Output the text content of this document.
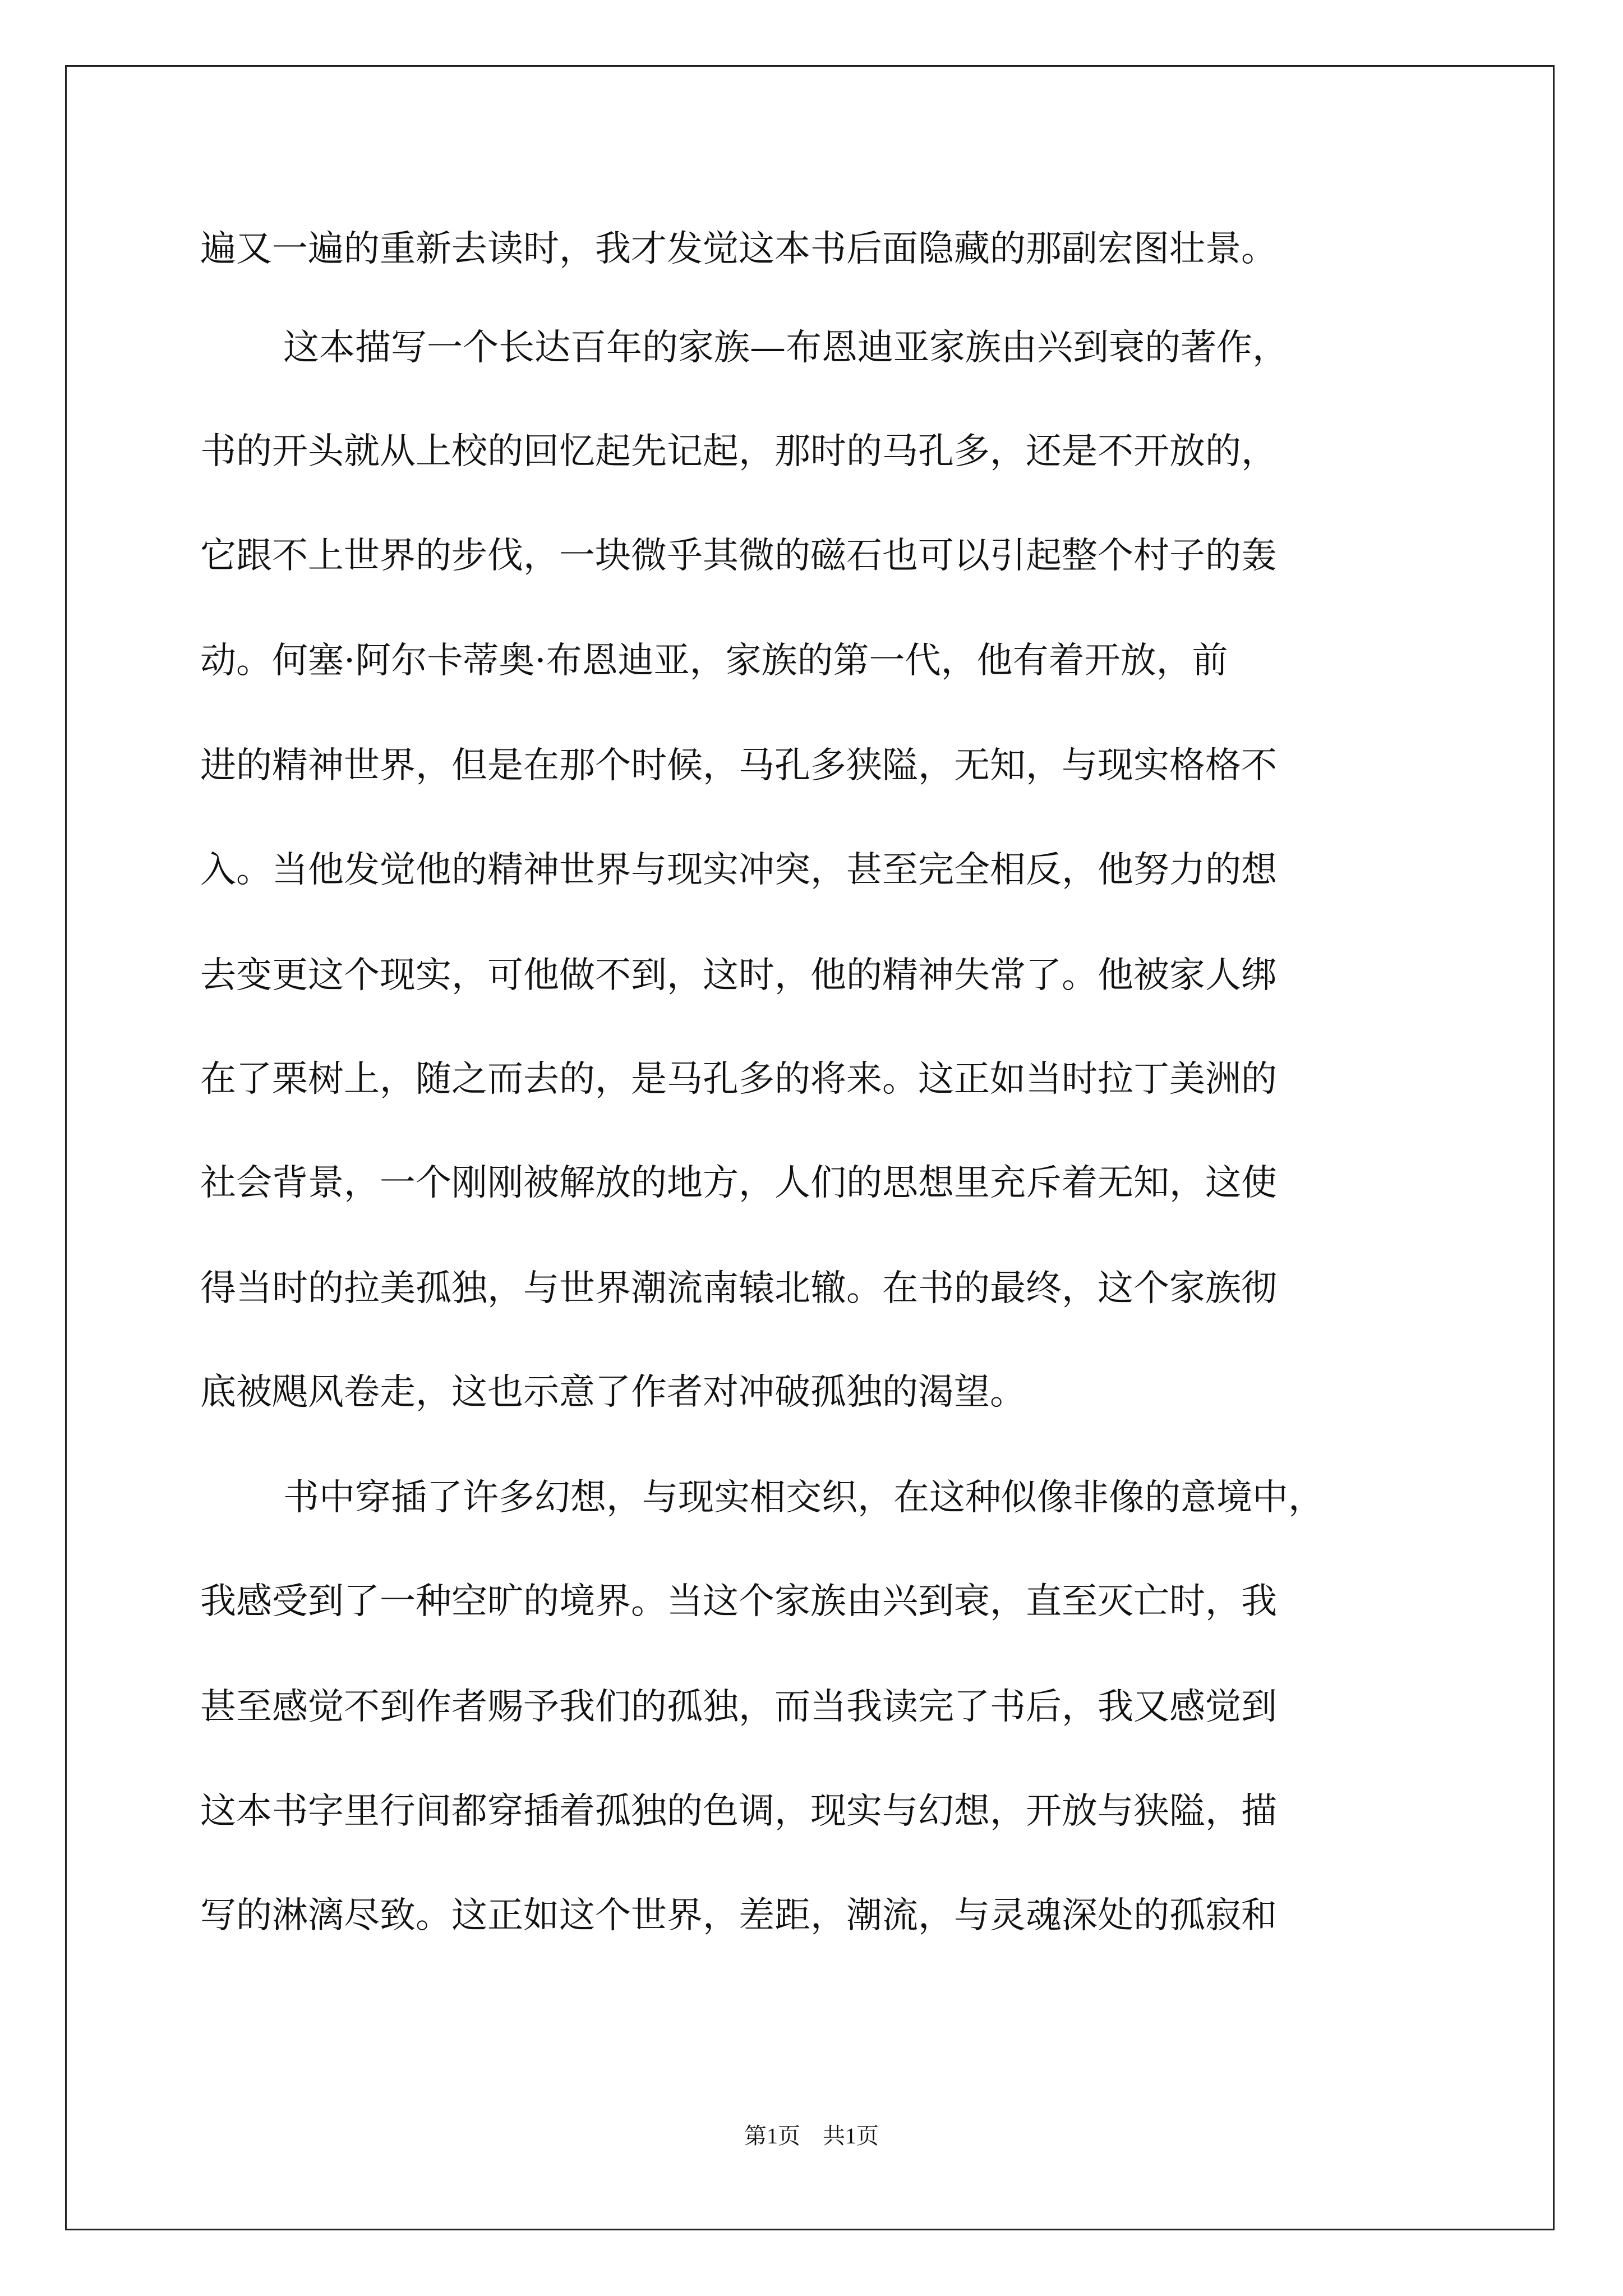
遍又一遍的重新去读时，我才发觉这本书后面隐藏的那副宏图壮景。
这本描写一个长达百年的家族—布恩迪亚家族由兴到衰的著作，
书的开头就从上校的回忆起先记起，那时的马孔多，还是不开放的，
它跟不上世界的步伐，一块微乎其微的磁石也可以引起整个村子的轰
动。何塞·阿尔卡蒂奥·布恩迪亚，家族的第一代，他有着开放，前
进的精神世界，但是在那个时候，马孔多狭隘，无知，与现实格格不
入。当他发觉他的精神世界与现实冲突，甚至完全相反，他努力的想
去变更这个现实，可他做不到，这时，他的精神失常了。他被家人绑
在了栗树上，随之而去的，是马孔多的将来。这正如当时拉丁美洲的
社会背景，一个刚刚被解放的地方，人们的思想里充斥着无知，这使
得当时的拉美孤独，与世界潮流南辕北辙。在书的最终，这个家族彻
底被飓风卷走，这也示意了作者对冲破孤独的渴望。
书中穿插了许多幻想，与现实相交织，在这种似像非像的意境中，
我感受到了一种空旷的境界。当这个家族由兴到衰，直至灭亡时，我
甚至感觉不到作者赐予我们的孤独，而当我读完了书后，我又感觉到
这本书字里行间都穿插着孤独的色调，现实与幻想，开放与狭隘，描
写的淋漓尽致。这正如这个世界，差距，潮流，与灵魂深处的孤寂和
第1页　共1页
